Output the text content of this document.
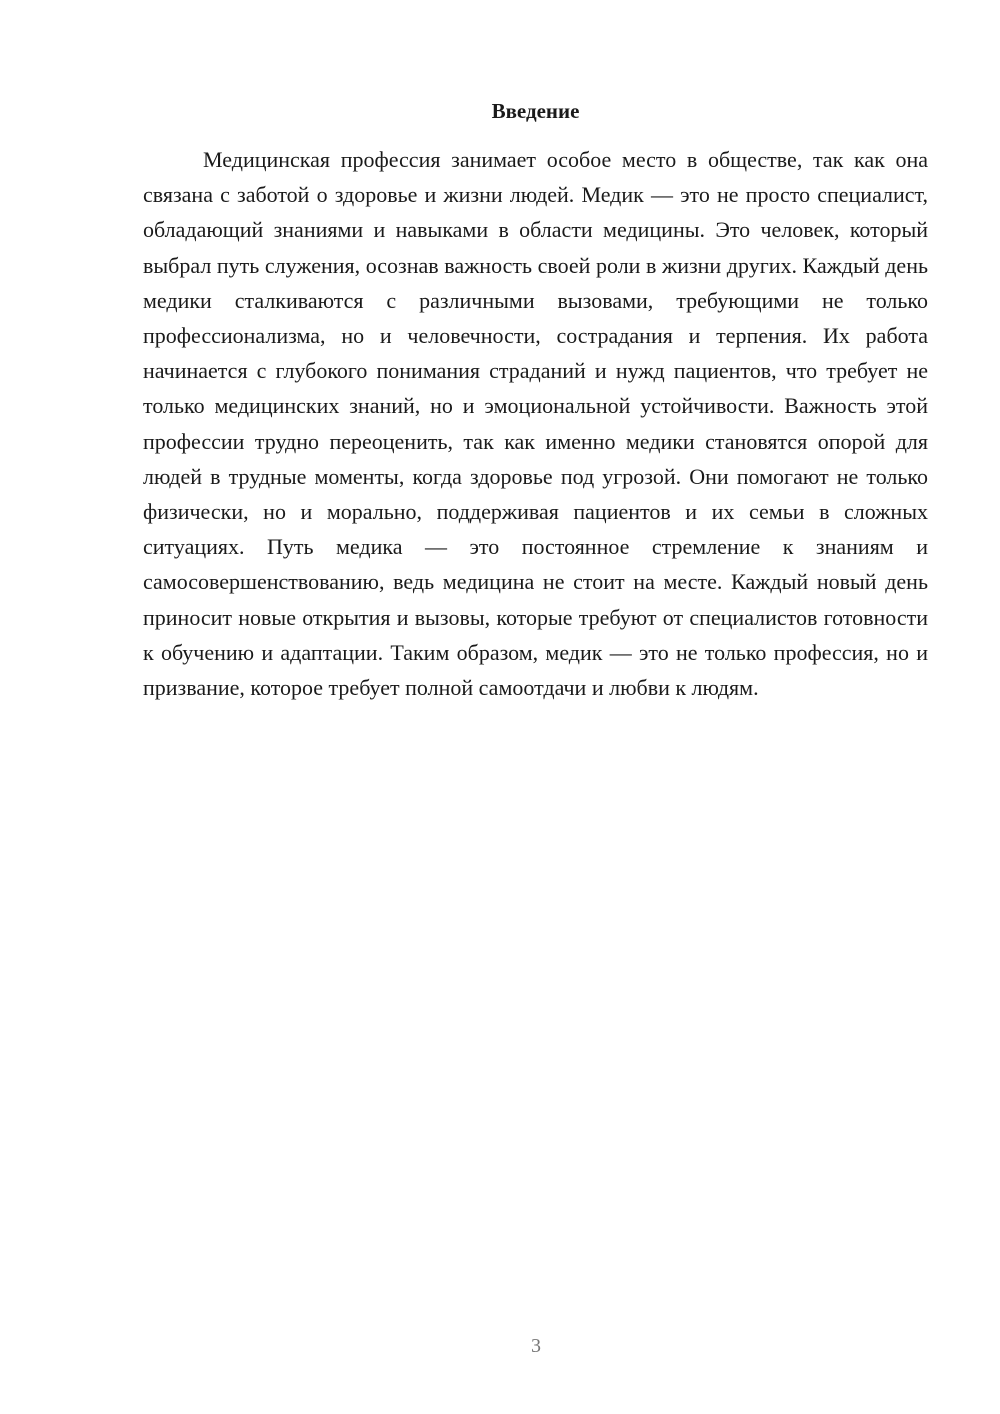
Введение

Медицинская профессия занимает особое место в обществе, так как она связана с заботой о здоровье и жизни людей. Медик — это не просто специалист, обладающий знаниями и навыками в области медицины. Это человек, который выбрал путь служения, осознав важность своей роли в жизни других. Каждый день медики сталкиваются с различными вызовами, требующими не только профессионализма, но и человечности, сострадания и терпения. Их работа начинается с глубокого понимания страданий и нужд пациентов, что требует не только медицинских знаний, но и эмоциональной устойчивости. Важность этой профессии трудно переоценить, так как именно медики становятся опорой для людей в трудные моменты, когда здоровье под угрозой. Они помогают не только физически, но и морально, поддерживая пациентов и их семьи в сложных ситуациях. Путь медика — это постоянное стремление к знаниям и самосовершенствованию, ведь медицина не стоит на месте. Каждый новый день приносит новые открытия и вызовы, которые требуют от специалистов готовности к обучению и адаптации. Таким образом, медик — это не только профессия, но и призвание, которое требует полной самоотдачи и любви к людям.

3
